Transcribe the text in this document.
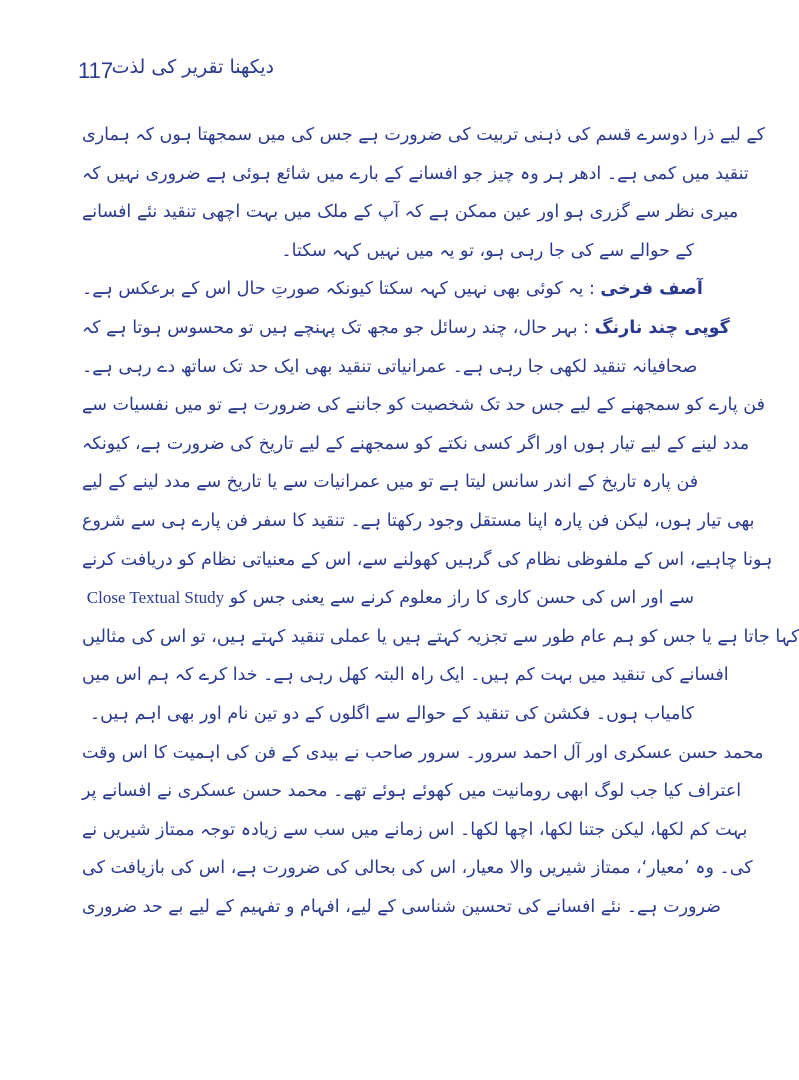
117
دیکھنا تقریر کی لذت
کے لیے ذرا دوسرے قسم کی ذہنی تربیت کی ضرورت ہے جس کی میں سمجھتا ہوں کہ ہماری
تنقید میں کمی ہے۔ ادھر ہر وہ چیز جو افسانے کے بارے میں شائع ہوئی ہے ضروری نہیں کہ
میری نظر سے گزری ہو اور عین ممکن ہے کہ آپ کے ملک میں بہت اچھی تنقید نئے افسانے
کے حوالے سے کی جا رہی ہو، تو یہ میں نہیں کہہ سکتا۔
آصف فرخی : یہ کوئی بھی نہیں کہہ سکتا کیونکہ صورتِ حال اس کے برعکس ہے۔
گوپی چند نارنگ : بہر حال، چند رسائل جو مجھ تک پہنچے ہیں تو محسوس ہوتا ہے کہ
صحافیانہ تنقید لکھی جا رہی ہے۔ عمرانیاتی تنقید بھی ایک حد تک ساتھ دے رہی ہے۔
فن پارے کو سمجھنے کے لیے جس حد تک شخصیت کو جاننے کی ضرورت ہے تو میں نفسیات سے
مدد لینے کے لیے تیار ہوں اور اگر کسی نکتے کو سمجھنے کے لیے تاریخ کی ضرورت ہے، کیونکہ
فن پارہ تاریخ کے اندر سانس لیتا ہے تو میں عمرانیات سے یا تاریخ سے مدد لینے کے لیے
بھی تیار ہوں، لیکن فن پارہ اپنا مستقل وجود رکھتا ہے۔ تنقید کا سفر فن پارے ہی سے شروع
ہونا چاہیے، اس کے ملفوظی نظام کی گرہیں کھولنے سے، اس کے معنیاتی نظام کو دریافت کرنے
سے اور اس کی حسن کاری کا راز معلوم کرنے سے یعنی جس کو Close Textual Study
کہا جاتا ہے یا جس کو ہم عام طور سے تجزیہ کہتے ہیں یا عملی تنقید کہتے ہیں، تو اس کی مثالیں
افسانے کی تنقید میں بہت کم ہیں۔ ایک راہ البتہ کھل رہی ہے۔ خدا کرے کہ ہم اس میں
کامیاب ہوں۔ فکشن کی تنقید کے حوالے سے اگلوں کے دو تین نام اور بھی اہم ہیں۔
محمد حسن عسکری اور آل احمد سرور۔ سرور صاحب نے بیدی کے فن کی اہمیت کا اس وقت
اعتراف کیا جب لوگ ابھی رومانیت میں کھوئے ہوئے تھے۔ محمد حسن عسکری نے افسانے پر
بہت کم لکھا، لیکن جتنا لکھا، اچھا لکھا۔ اس زمانے میں سب سے زیادہ توجہ ممتاز شیریں نے
کی۔ وہ ’معیار‘، ممتاز شیریں والا معیار، اس کی بحالی کی ضرورت ہے، اس کی بازیافت کی
ضرورت ہے۔ نئے افسانے کی تحسین شناسی کے لیے، افہام و تفہیم کے لیے بے حد ضروری
